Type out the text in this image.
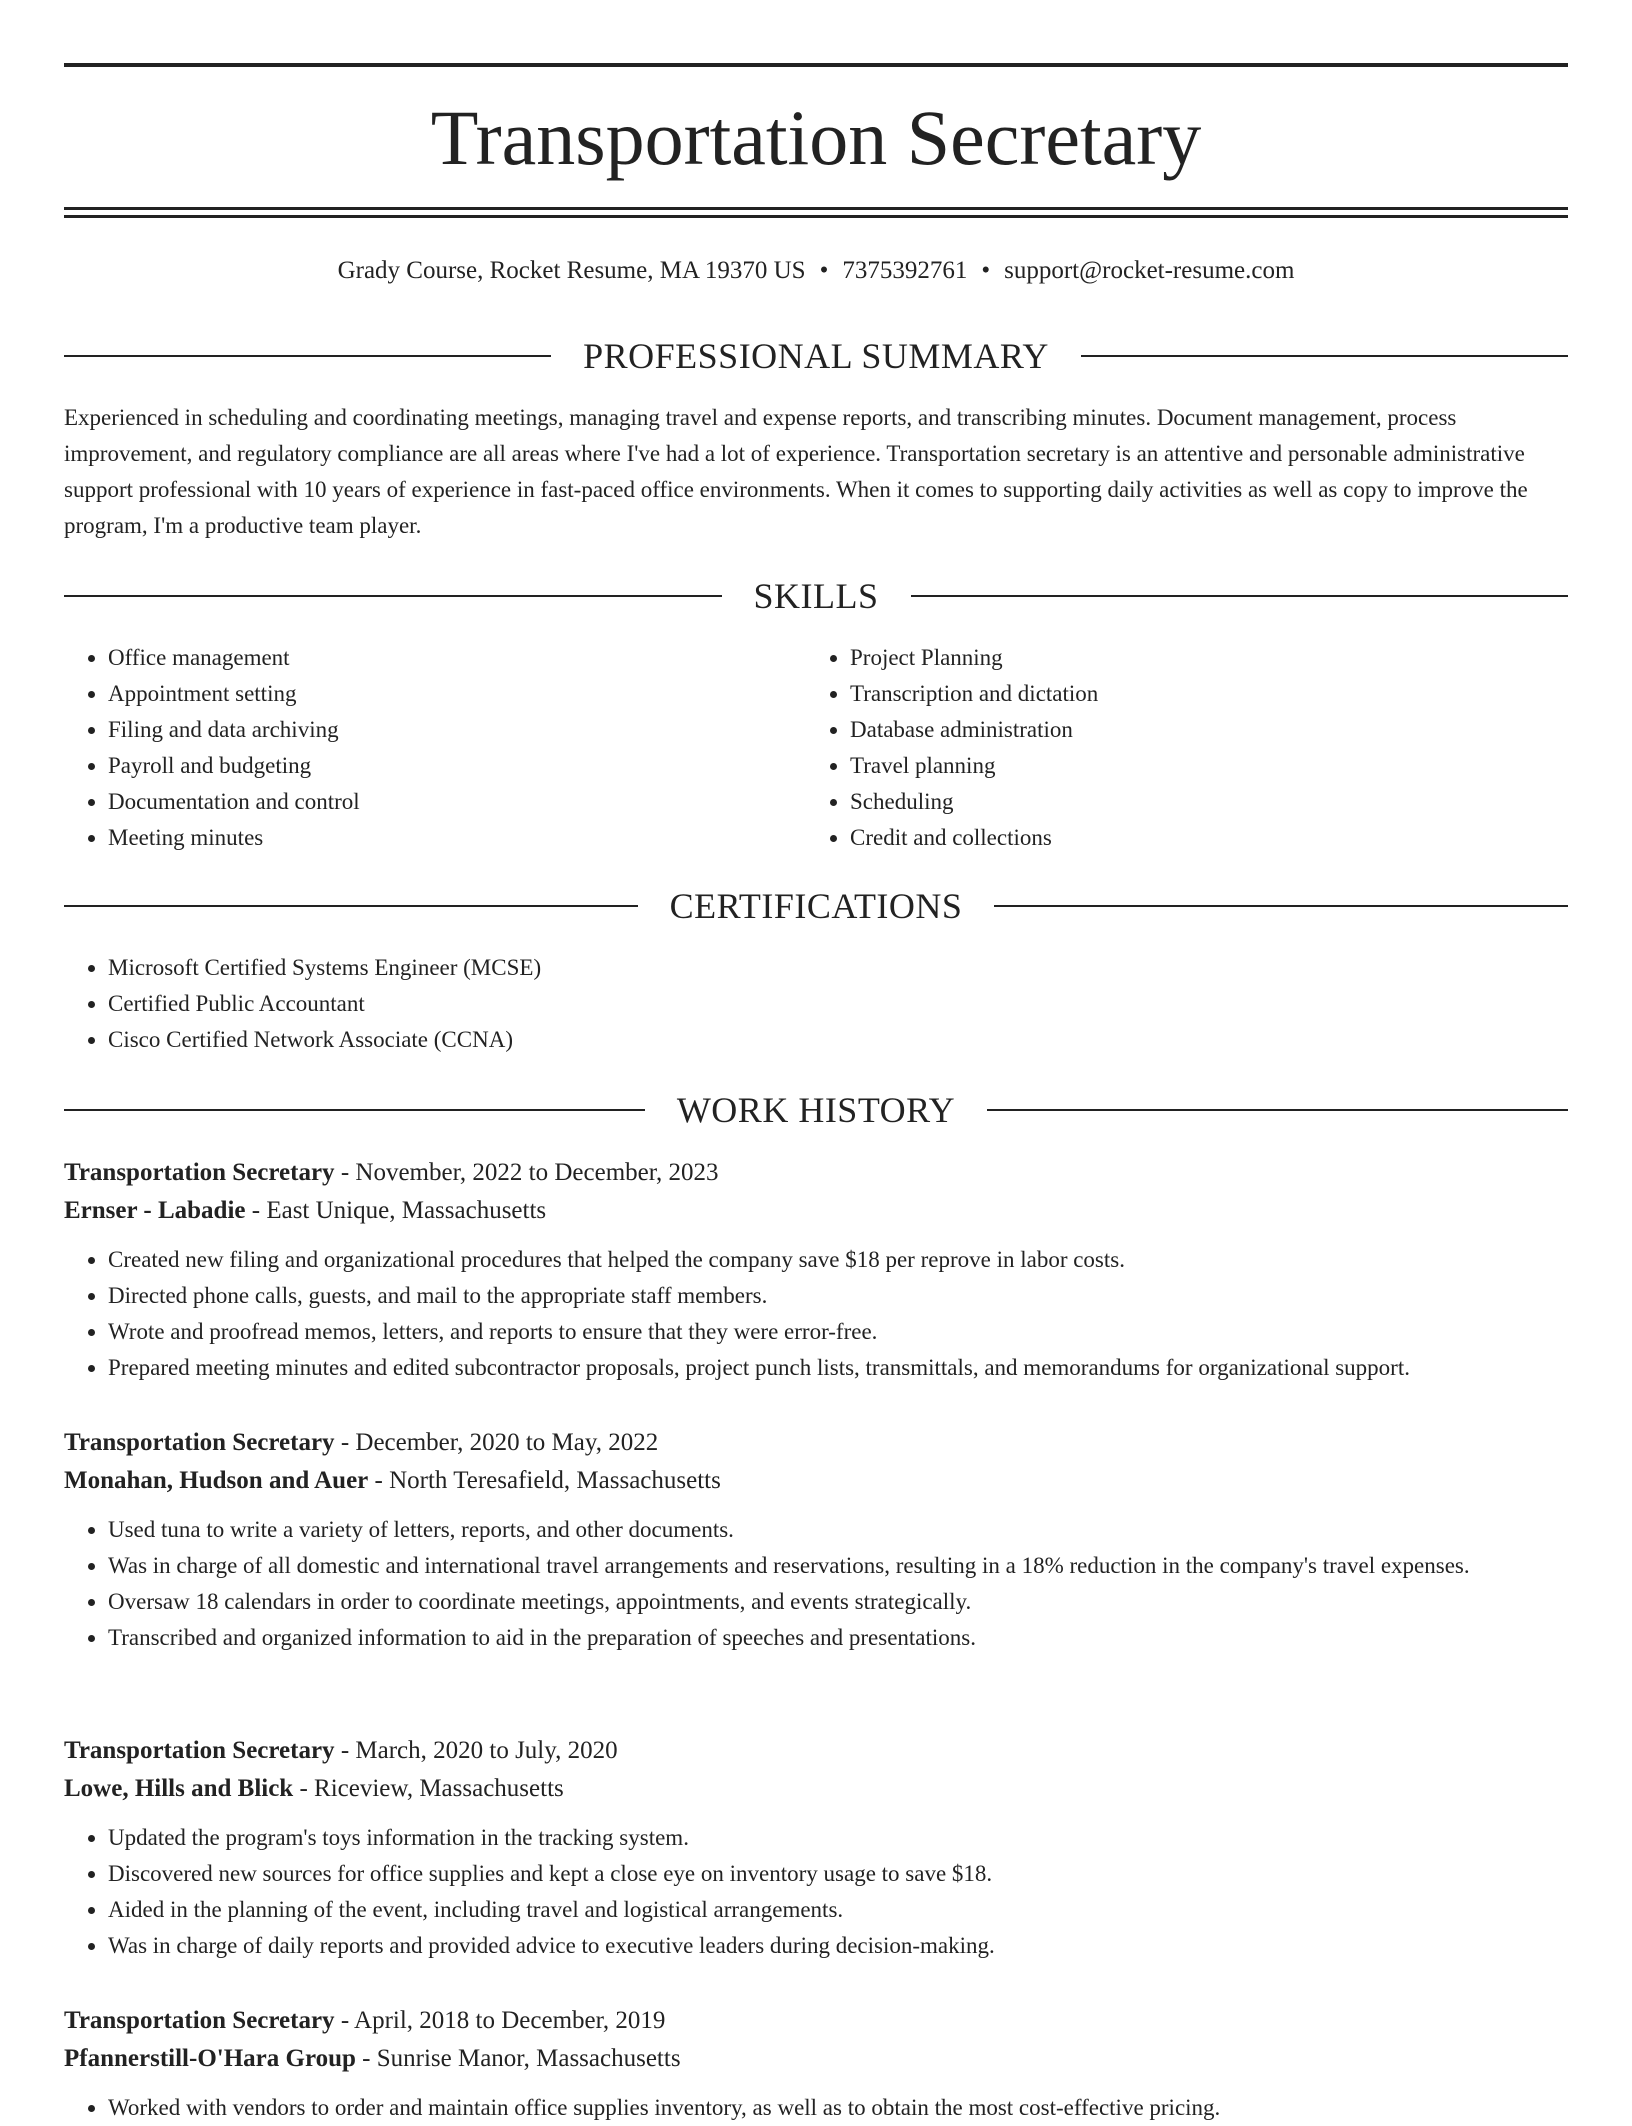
Transportation Secretary
Grady Course, Rocket Resume, MA 19370 US • 7375392761 • support@rocket-resume.com
PROFESSIONAL SUMMARY

Experienced in scheduling and coordinating meetings, managing travel and expense reports, and transcribing minutes. Document management, process improvement, and regulatory compliance are all areas where I've had a lot of experience. Transportation secretary is an attentive and personable administrative support professional with 10 years of experience in fast-paced office environments. When it comes to supporting daily activities as well as copy to improve the program, I'm a productive team player.

SKILLS
• Office management
• Appointment setting
• Filing and data archiving
• Payroll and budgeting
• Documentation and control
• Meeting minutes
• Project Planning
• Transcription and dictation
• Database administration
• Travel planning
• Scheduling
• Credit and collections
CERTIFICATIONS
• Microsoft Certified Systems Engineer (MCSE)
• Certified Public Accountant
• Cisco Certified Network Associate (CCNA)
WORK HISTORY
Transportation Secretary - November, 2022 to December, 2023
Ernser - Labadie - East Unique, Massachusetts
• Created new filing and organizational procedures that helped the company save $18 per reprove in labor costs.
• Directed phone calls, guests, and mail to the appropriate staff members.
• Wrote and proofread memos, letters, and reports to ensure that they were error-free.
• Prepared meeting minutes and edited subcontractor proposals, project punch lists, transmittals, and memorandums for organizational support.
Transportation Secretary - December, 2020 to May, 2022
Monahan, Hudson and Auer - North Teresafield, Massachusetts
• Used tuna to write a variety of letters, reports, and other documents.
• Was in charge of all domestic and international travel arrangements and reservations, resulting in a 18% reduction in the company's travel expenses.
• Oversaw 18 calendars in order to coordinate meetings, appointments, and events strategically.
• Transcribed and organized information to aid in the preparation of speeches and presentations.
Transportation Secretary - March, 2020 to July, 2020
Lowe, Hills and Blick - Riceview, Massachusetts
• Updated the program's toys information in the tracking system.
• Discovered new sources for office supplies and kept a close eye on inventory usage to save $18.
• Aided in the planning of the event, including travel and logistical arrangements.
• Was in charge of daily reports and provided advice to executive leaders during decision-making.
Transportation Secretary - April, 2018 to December, 2019
Pfannerstill-O'Hara Group - Sunrise Manor, Massachusetts
• Worked with vendors to order and maintain office supplies inventory, as well as to obtain the most cost-effective pricing.
